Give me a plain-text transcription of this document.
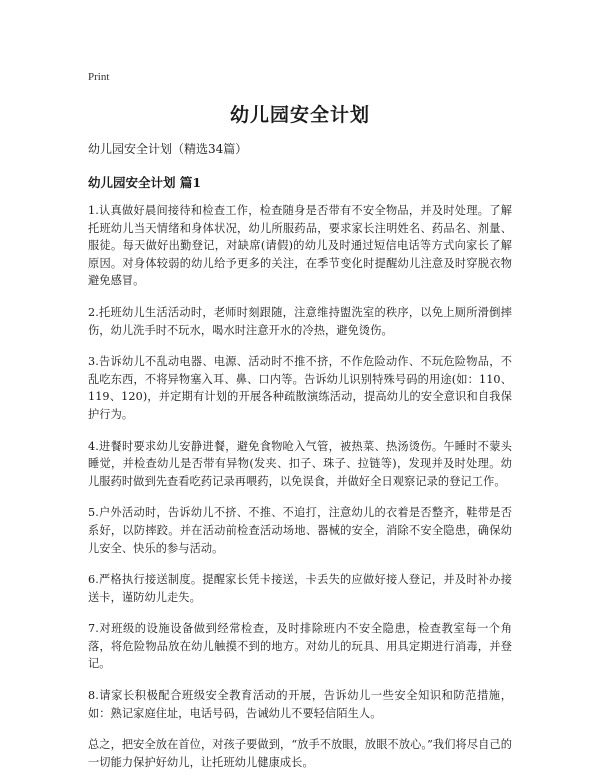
Print
幼儿园安全计划

幼儿园安全计划（精选34篇）

幼儿园安全计划 篇1

1.认真做好晨间接待和检查工作，检查随身是否带有不安全物品，并及时处理。了解托班幼儿当天情绪和身体状况，幼儿所服药品，要求家长注明姓名、药品名、剂量、服徒。每天做好出勤登记，对缺席(请假)的幼儿及时通过短信电话等方式向家长了解原因。对身体较弱的幼儿给予更多的关注，在季节变化时提醒幼儿注意及时穿脱衣物避免感冒。

2.托班幼儿生活活动时，老师时刻跟随，注意维持盥洗室的秩序，以免上厕所滑倒摔伤，幼儿洗手时不玩水，喝水时注意开水的冷热，避免烫伤。

3.告诉幼儿不乱动电器、电源、活动时不推不挤，不作危险动作、不玩危险物品，不乱吃东西，不将异物塞入耳、鼻、口内等。告诉幼儿识别特殊号码的用途(如：110、119、120)，并定期有计划的开展各种疏散演练活动，提高幼儿的安全意识和自我保护行为。

4.进餐时要求幼儿安静进餐，避免食物呛入气管，被热菜、热汤烫伤。午睡时不蒙头睡觉，并检查幼儿是否带有异物(发夹、扣子、珠子、拉链等)，发现并及时处理。幼儿服药时做到先查看吃药记录再喂药，以免误食，并做好全日观察记录的登记工作。

5.户外活动时，告诉幼儿不挤、不推、不追打，注意幼儿的衣着是否整齐，鞋带是否系好，以防摔跤。并在活动前检查活动场地、器械的安全，消除不安全隐患，确保幼儿安全、快乐的参与活动。

6.严格执行接送制度。提醒家长凭卡接送，卡丢失的应做好接人登记，并及时补办接送卡，谨防幼儿走失。

7.对班级的设施设备做到经常检查，及时排除班内不安全隐患，检查教室每一个角落，将危险物品放在幼儿触摸不到的地方。对幼儿的玩具、用具定期进行消毒，并登记。

8.请家长积极配合班级安全教育活动的开展，告诉幼儿一些安全知识和防范措施，如：熟记家庭住址，电话号码，告诫幼儿不要轻信陌生人。

总之，把安全放在首位，对孩子要做到，“放手不放眼，放眼不放心。”我们将尽自己的一切能力保护好幼儿，让托班幼儿健康成长。
